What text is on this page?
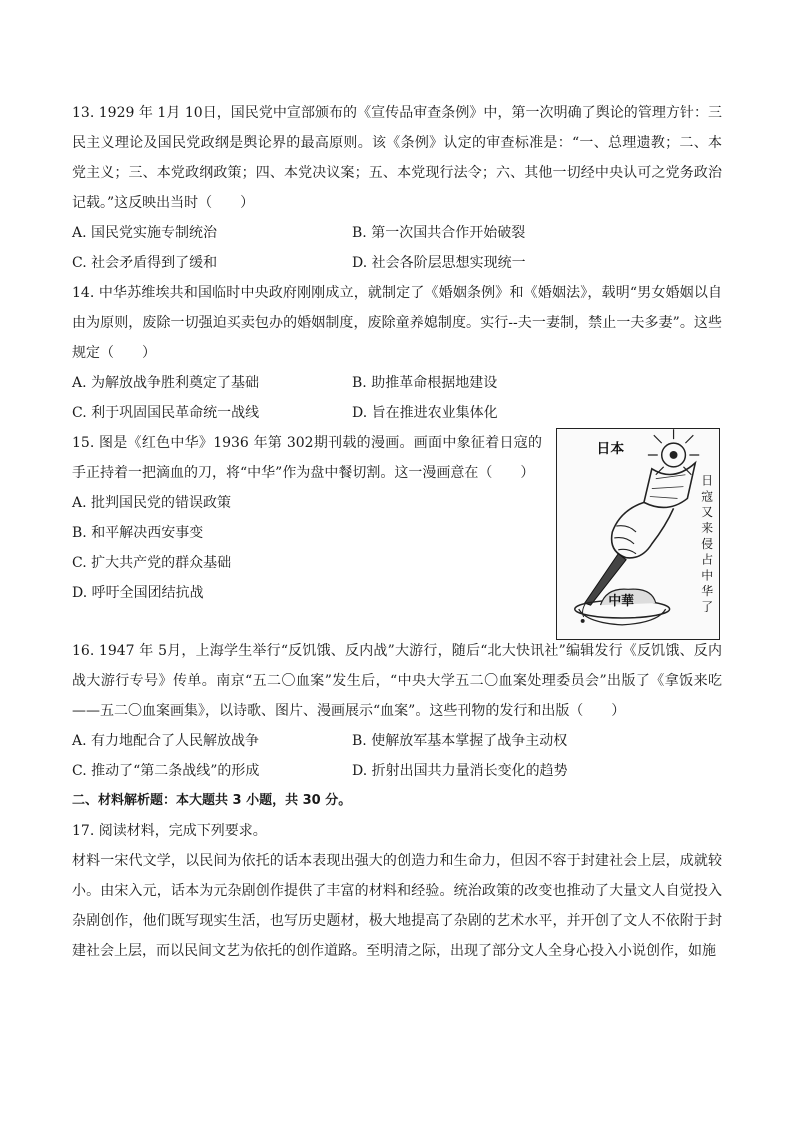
13. 1929 年 1月 10日，国民党中宣部颁布的《宣传品审查条例》中，第一次明确了舆论的管理方针：三民主义理论及国民党政纲是舆论界的最高原则。该《条例》认定的审查标准是：“一、总理遗教；二、本党主义；三、本党政纲政策；四、本党决议案；五、本党现行法令；六、其他一切经中央认可之党务政治记载。”这反映出当时（　　）

A. 国民党实施专制统治	B. 第一次国共合作开始破裂
C. 社会矛盾得到了缓和	D. 社会各阶层思想实现统一

14. 中华苏维埃共和国临时中央政府刚刚成立，就制定了《婚姻条例》和《婚姻法》，载明“男女婚姻以自由为原则，废除一切强迫买卖包办的婚姻制度，废除童养媳制度。实行--夫一妻制，禁止一夫多妻”。这些规定（　　）

A. 为解放战争胜利奠定了基础	B. 助推革命根据地建设
C. 利于巩固国民革命统一战线	D. 旨在推进农业集体化

15. 图是《红色中华》1936 年第 302期刊载的漫画。画面中象征着日寇的手正持着一把滴血的刀，将“中华”作为盘中餐切割。这一漫画意在（　　）

A. 批判国民党的错误政策
B. 和平解决西安事变
C. 扩大共产党的群众基础
D. 呼吁全国团结抗战
日本
中華
日
寇
又
来
侵
占
中
华
了

16. 1947 年 5月，上海学生举行“反饥饿、反内战”大游行，随后“北大快讯社”编辑发行《反饥饿、反内战大游行专号》传单。南京“五二〇血案”发生后，“中央大学五二〇血案处理委员会”出版了《拿饭来吃——五二〇血案画集》，以诗歌、图片、漫画展示“血案”。这些刊物的发行和出版（　　）

A. 有力地配合了人民解放战争	B. 使解放军基本掌握了战争主动权
C. 推动了“第二条战线”的形成	D. 折射出国共力量消长变化的趋势
二、材料解析题：本大题共 3 小题，共 30 分。

17. 阅读材料，完成下列要求。

材料一宋代文学，以民间为依托的话本表现出强大的创造力和生命力，但因不容于封建社会上层，成就较小。由宋入元，话本为元杂剧创作提供了丰富的材料和经验。统治政策的改变也推动了大量文人自觉投入杂剧创作，他们既写现实生活，也写历史题材，极大地提高了杂剧的艺术水平，并开创了文人不依附于封建社会上层，而以民间文艺为依托的创作道路。至明清之际，出现了部分文人全身心投入小说创作，如施
